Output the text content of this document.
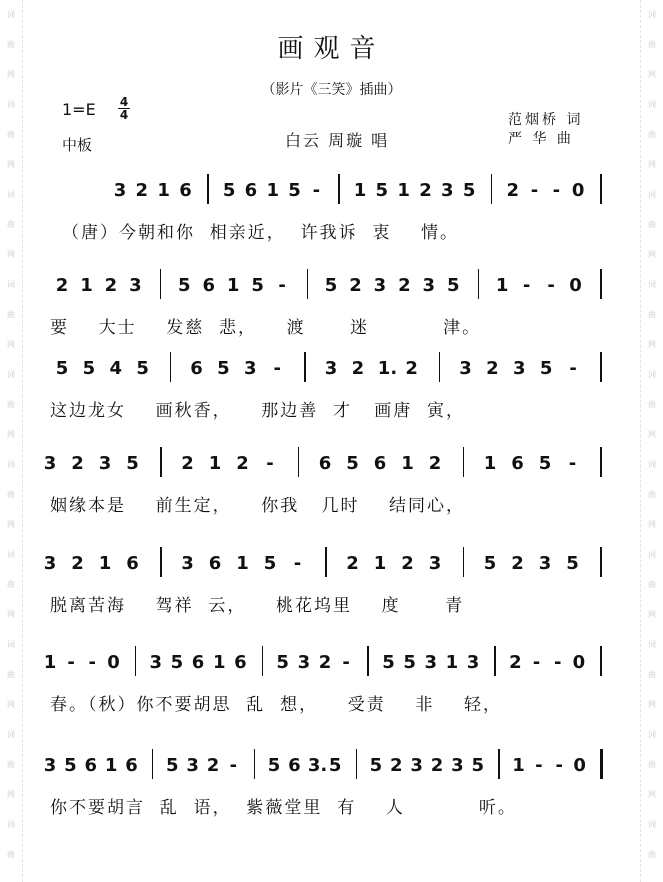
词
曲
网
词
曲
网
词
曲
网
词
曲
网
词
曲
网
词
曲
网
词
曲
网
词
曲
网
词
曲
网
词
曲
词
曲
网
词
曲
网
词
曲
网
词
曲
网
词
曲
网
词
曲
网
词
曲
网
词
曲
网
词
曲
网
词
曲
画观音
（影片《三笑》插曲）
1=E 4
4
中板	白云 周璇 唱
范烟桥 词
严 华 曲
3 2 1 6 5 6 1 5 - 1 5 1 2 3 5 2 - - 0
（唐）今朝和你  相亲近，  许我诉  衷    情。
2 1 2 3 5 6 1 5 - 5 2 3 2 3 5 1 - - 0
要    大士    发慈  悲，    渡      迷          津。
5 5 4 5 6 5 3 - 3 2 1. 2 3 2 3 5 -
这边龙女    画秋香，    那边善  才   画唐  寅，
3 2 3 5 2 1 2 -	6 5 6 1 2 1 6 5 -
姻缘本是    前生定，    你我   几时    结同心，
3 2 1 6 3 6 1 5 -	2 1 2 3 5 2 3 5
脱离苦海    驾祥  云，    桃花坞里    度      青
1 - - 0 3 5 6 1 6 5 3 2 - 5 5 3 1 3 2 - - 0
春。（秋）你不要胡思  乱  想，    受责    非    轻，
3 5 6 1 6 5 3 2 - 5 6 3. 5 5 2 3 2 3 5 1 - - 0
你不要胡言  乱  语，  紫薇堂里  有    人          听。
